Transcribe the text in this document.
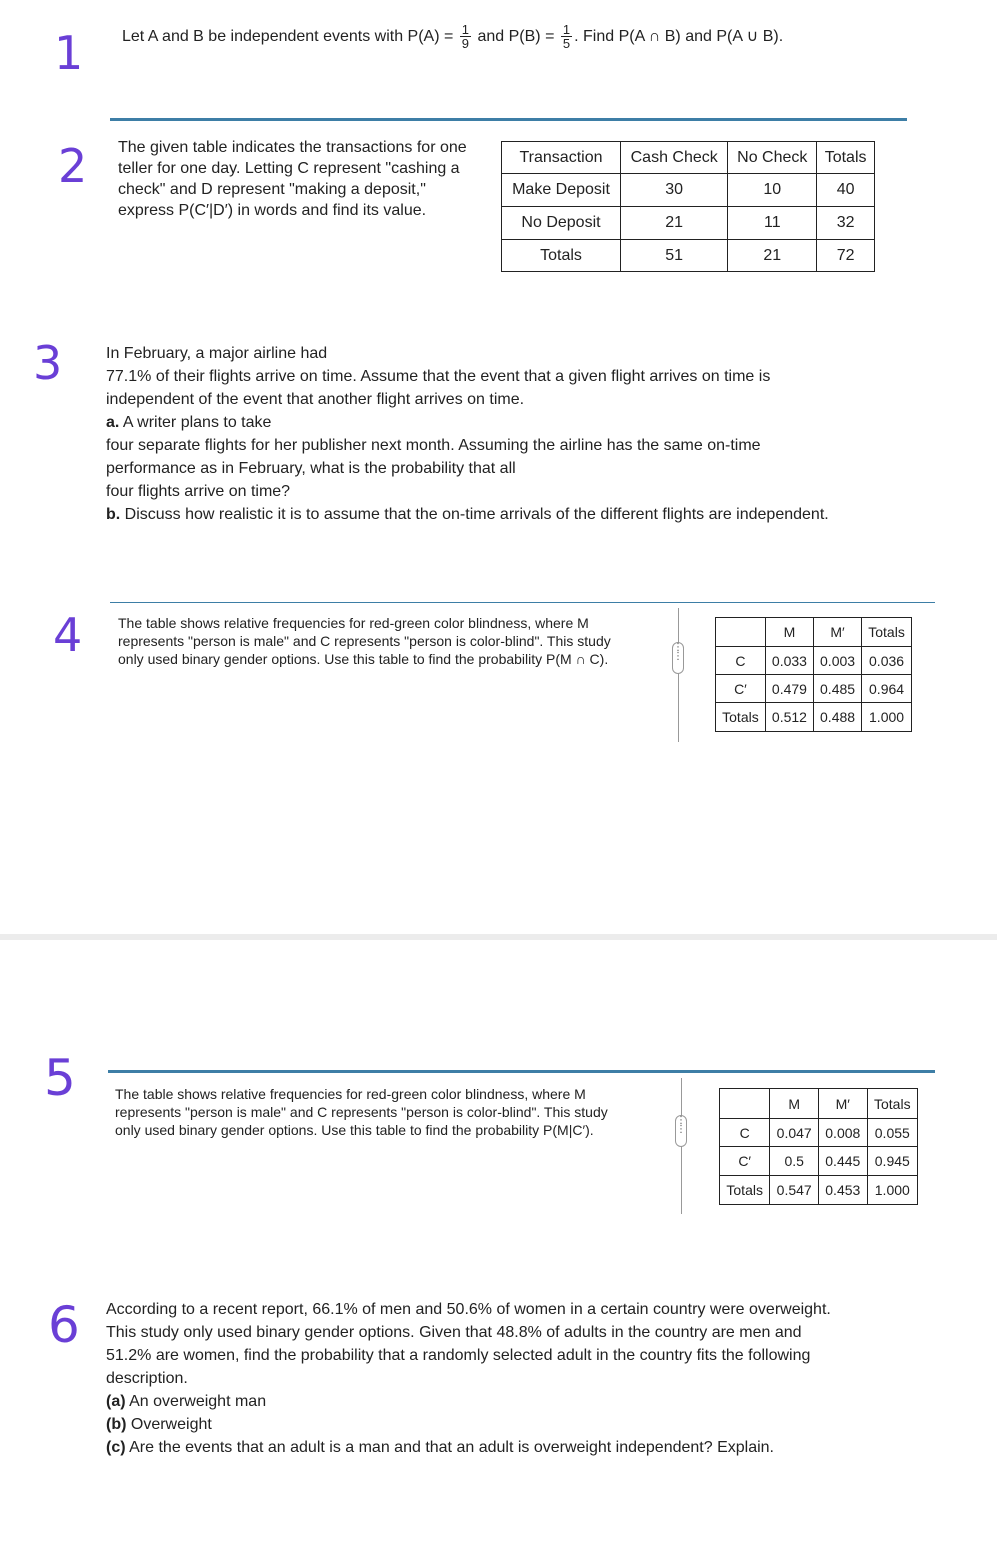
1 Let A and B be independent events with $P(A) = \frac{1}{9}$ and $P(B) = \frac{1}{5}$ . Find P(A ∩ B) and P(A ∪ B).
2 The given table indicates the transactions for one
teller for one day. Letting C represent "cashing a
check" and D represent "making a deposit,"
express P(C′|D′) in words and find its value.
Transaction	Cash Check	No Check	Totals
Make Deposit	30	10	40
No Deposit	21	11	32
Totals	51	21	72
3	In February, a major airline had
77.1% of their flights arrive on time. Assume that the event that a given flight arrives on time is
independent of the event that another flight arrives on time.
a. A writer plans to take
four separate flights for her publisher next month. Assuming the airline has the same on-time
performance as in February, what is the probability that all
four flights arrive on time?
b. Discuss how realistic it is to assume that the on-time arrivals of the different flights are independent.
4	The table shows relative frequencies for red-green color blindness, where M
represents "person is male" and C represents "person is color-blind". This study
only used binary gender options. Use this table to find the probability P(M ∩ C).
⋮
⋮
	M	M′	Totals
C	0.033	0.003	0.036
C′	0.479	0.485	0.964
Totals	0.512	0.488	1.000
5	The table shows relative frequencies for red-green color blindness, where M
represents "person is male" and C represents "person is color-blind". This study
only used binary gender options. Use this table to find the probability P(M|C′).
⋮
⋮
	M	M′	Totals
C	0.047	0.008	0.055
C′	0.5	0.445	0.945
Totals	0.547	0.453	1.000
6 According to a recent report, 66.1% of men and 50.6% of women in a certain country were overweight.
This study only used binary gender options. Given that 48.8% of adults in the country are men and
51.2% are women, find the probability that a randomly selected adult in the country fits the following
description.
(a) An overweight man
(b) Overweight
(c) Are the events that an adult is a man and that an adult is overweight independent? Explain.
